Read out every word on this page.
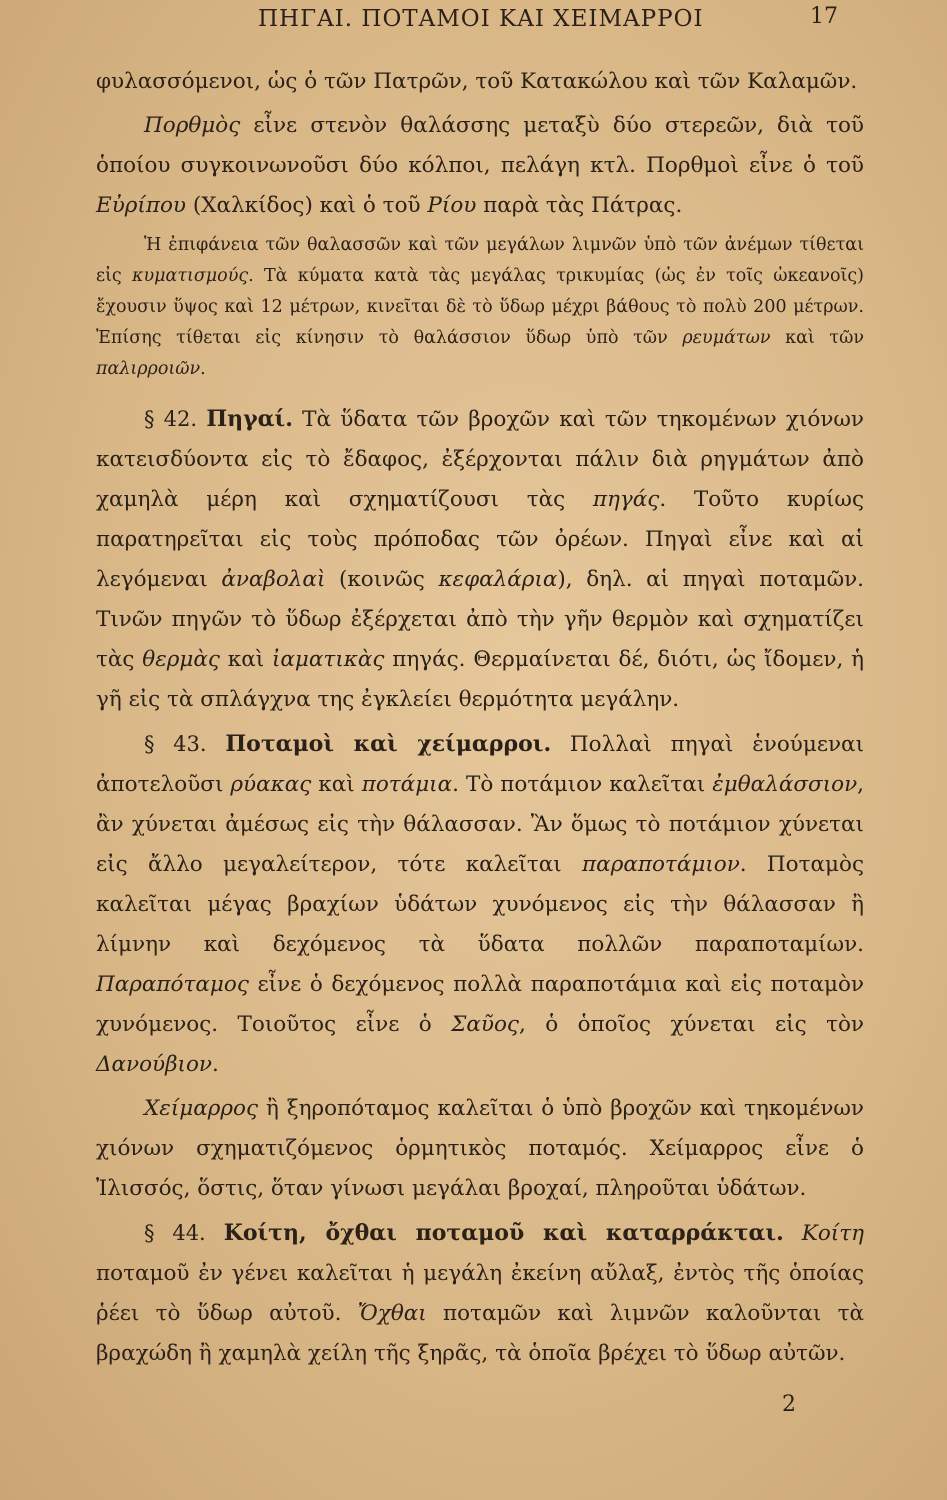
ΠΗΓΑΙ. ΠΟΤΑΜΟΙ ΚΑΙ ΧΕΙΜΑΡΡΟΙ	17

φυλασσόμενοι, ὡς ὁ τῶν Πατρῶν, τοῦ Κατακώλου καὶ τῶν Καλαμῶν.

Πορθμὸς εἶνε στενὸν θαλάσσης μεταξὺ δύο στερεῶν, διὰ τοῦ ὁποίου συγκοινωνοῦσι δύο κόλποι, πελάγη κτλ. Πορθμοὶ εἶνε ὁ τοῦ Εὐρίπου (Χαλκίδος) καὶ ὁ τοῦ Ρίου παρὰ τὰς Πάτρας.

Ἡ ἐπιφάνεια τῶν θαλασσῶν καὶ τῶν μεγάλων λιμνῶν ὑπὸ τῶν ἀνέμων τίθεται εἰς κυματισμούς. Τὰ κύματα κατὰ τὰς μεγάλας τρικυμίας (ὡς ἐν τοῖς ὠκεανοῖς) ἔχουσιν ὕψος καὶ 12 μέτρων, κινεῖται δὲ τὸ ὕδωρ μέχρι βάθους τὸ πολὺ 200 μέτρων. Ἐπίσης τίθεται εἰς κίνησιν τὸ θαλάσσιον ὕδωρ ὑπὸ τῶν ρευμάτων καὶ τῶν παλιρροιῶν.

§ 42. Πηγαί. Τὰ ὕδατα τῶν βροχῶν καὶ τῶν τηκομένων χιόνων κατεισδύοντα εἰς τὸ ἔδαφος, ἐξέρχονται πάλιν διὰ ρηγμάτων ἀπὸ χαμηλὰ μέρη καὶ σχηματίζουσι τὰς πηγάς. Τοῦτο κυρίως παρατηρεῖται εἰς τοὺς πρόποδας τῶν ὀρέων. Πηγαὶ εἶνε καὶ αἱ λεγόμεναι ἀναβολαὶ (κοινῶς κεφαλάρια), δηλ. αἱ πηγαὶ ποταμῶν. Τινῶν πηγῶν τὸ ὕδωρ ἐξέρχεται ἀπὸ τὴν γῆν θερμὸν καὶ σχηματίζει τὰς θερμὰς καὶ ἰαματικὰς πηγάς. Θερμαίνεται δέ, διότι, ὡς ἴδομεν, ἡ γῆ εἰς τὰ σπλάγχνα της ἐγκλείει θερμότητα μεγάλην.

§ 43. Ποταμοὶ καὶ χείμαρροι. Πολλαὶ πηγαὶ ἑνούμεναι ἀποτελοῦσι ρύακας καὶ ποτάμια. Τὸ ποτάμιον καλεῖται ἐμθαλάσσιον, ἂν χύνεται ἀμέσως εἰς τὴν θάλασσαν. Ἂν ὅμως τὸ ποτάμιον χύνεται εἰς ἄλλο μεγαλείτερον, τότε καλεῖται παραποτάμιον. Ποταμὸς καλεῖται μέγας βραχίων ὑδάτων χυνόμενος εἰς τὴν θάλασσαν ἢ λίμνην καὶ δεχόμενος τὰ ὕδατα πολλῶν παραποταμίων. Παραπόταμος εἶνε ὁ δεχόμενος πολλὰ παραποτάμια καὶ εἰς ποταμὸν χυνόμενος. Τοιοῦτος εἶνε ὁ Σαῦος, ὁ ὁποῖος χύνεται εἰς τὸν Δανούβιον.

Χείμαρρος ἢ ξηροπόταμος καλεῖται ὁ ὑπὸ βροχῶν καὶ τηκομένων χιόνων σχηματιζόμενος ὁρμητικὸς ποταμός. Χείμαρρος εἶνε ὁ Ἰλισσός, ὅστις, ὅταν γίνωσι μεγάλαι βροχαί, πληροῦται ὑδάτων.

§ 44. Κοίτη, ὄχθαι ποταμοῦ καὶ καταρράκται. Κοίτη ποταμοῦ ἐν γένει καλεῖται ἡ μεγάλη ἐκείνη αὔλαξ, ἐντὸς τῆς ὁποίας ῥέει τὸ ὕδωρ αὐτοῦ. Ὄχθαι ποταμῶν καὶ λιμνῶν καλοῦνται τὰ βραχώδη ἢ χαμηλὰ χείλη τῆς ξηρᾶς, τὰ ὁποῖα βρέχει τὸ ὕδωρ αὐτῶν.

2
